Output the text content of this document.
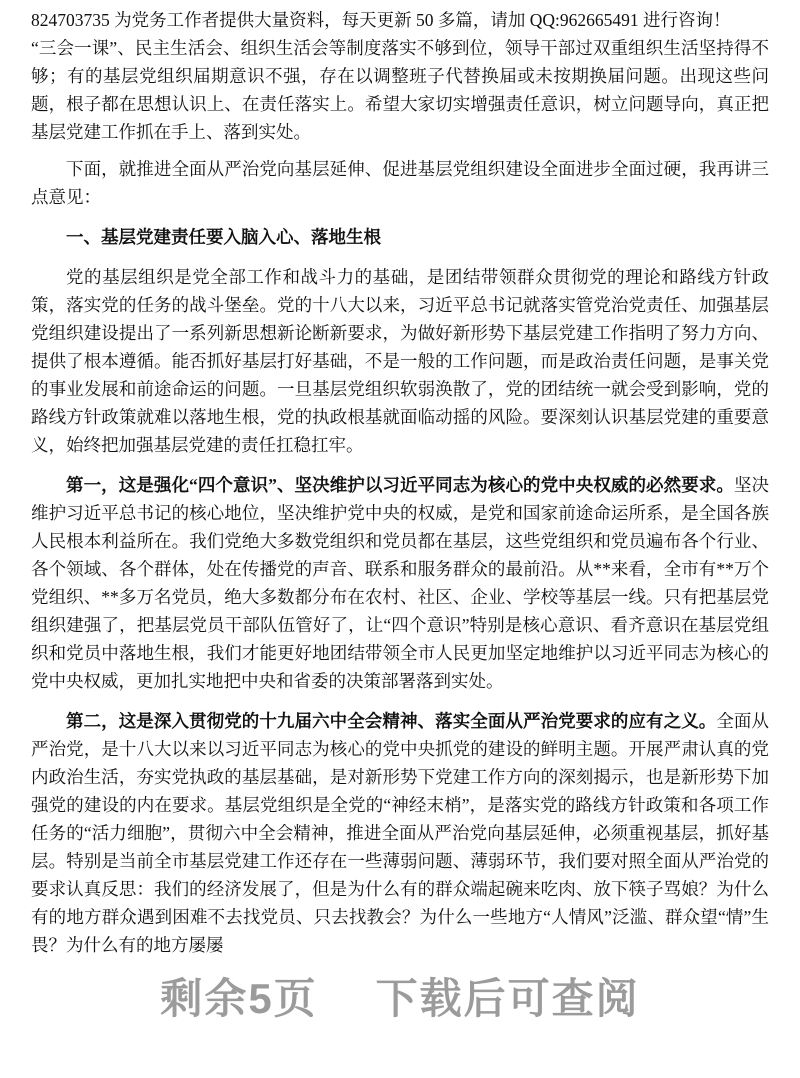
824703735 为党务工作者提供大量资料，每天更新 50 多篇，请加 QQ:962665491 进行咨询！

“三会一课”、民主生活会、组织生活会等制度落实不够到位，领导干部过双重组织生活坚持得不够；有的基层党组织届期意识不强，存在以调整班子代替换届或未按期换届问题。出现这些问题，根子都在思想认识上、在责任落实上。希望大家切实增强责任意识，树立问题导向，真正把基层党建工作抓在手上、落到实处。

下面，就推进全面从严治党向基层延伸、促进基层党组织建设全面进步全面过硬，我再讲三点意见：

一、基层党建责任要入脑入心、落地生根

党的基层组织是党全部工作和战斗力的基础，是团结带领群众贯彻党的理论和路线方针政策，落实党的任务的战斗堡垒。党的十八大以来，习近平总书记就落实管党治党责任、加强基层党组织建设提出了一系列新思想新论断新要求，为做好新形势下基层党建工作指明了努力方向、提供了根本遵循。能否抓好基层打好基础，不是一般的工作问题，而是政治责任问题，是事关党的事业发展和前途命运的问题。一旦基层党组织软弱涣散了，党的团结统一就会受到影响，党的路线方针政策就难以落地生根，党的执政根基就面临动摇的风险。要深刻认识基层党建的重要意义，始终把加强基层党建的责任扛稳扛牢。

第一，这是强化“四个意识”、坚决维护以习近平同志为核心的党中央权威的必然要求。坚决维护习近平总书记的核心地位，坚决维护党中央的权威，是党和国家前途命运所系，是全国各族人民根本利益所在。我们党绝大多数党组织和党员都在基层，这些党组织和党员遍布各个行业、各个领域、各个群体，处在传播党的声音、联系和服务群众的最前沿。从**来看，全市有**万个党组织、**多万名党员，绝大多数都分布在农村、社区、企业、学校等基层一线。只有把基层党组织建强了，把基层党员干部队伍管好了，让“四个意识”特别是核心意识、看齐意识在基层党组织和党员中落地生根，我们才能更好地团结带领全市人民更加坚定地维护以习近平同志为核心的党中央权威，更加扎实地把中央和省委的决策部署落到实处。

第二，这是深入贯彻党的十九届六中全会精神、落实全面从严治党要求的应有之义。全面从严治党，是十八大以来以习近平同志为核心的党中央抓党的建设的鲜明主题。开展严肃认真的党内政治生活，夯实党执政的基层基础，是对新形势下党建工作方向的深刻揭示，也是新形势下加强党的建设的内在要求。基层党组织是全党的“神经末梢”，是落实党的路线方针政策和各项工作任务的“活力细胞”，贯彻六中全会精神，推进全面从严治党向基层延伸，必须重视基层，抓好基层。特别是当前全市基层党建工作还存在一些薄弱问题、薄弱环节，我们要对照全面从严治党的要求认真反思：我们的经济发展了，但是为什么有的群众端起碗来吃肉、放下筷子骂娘？为什么有的地方群众遇到困难不去找党员、只去找教会？为什么一些地方“人情风”泛滥、群众望“情”生畏？为什么有的地方屡屡

剩余5页 下载后可查阅
